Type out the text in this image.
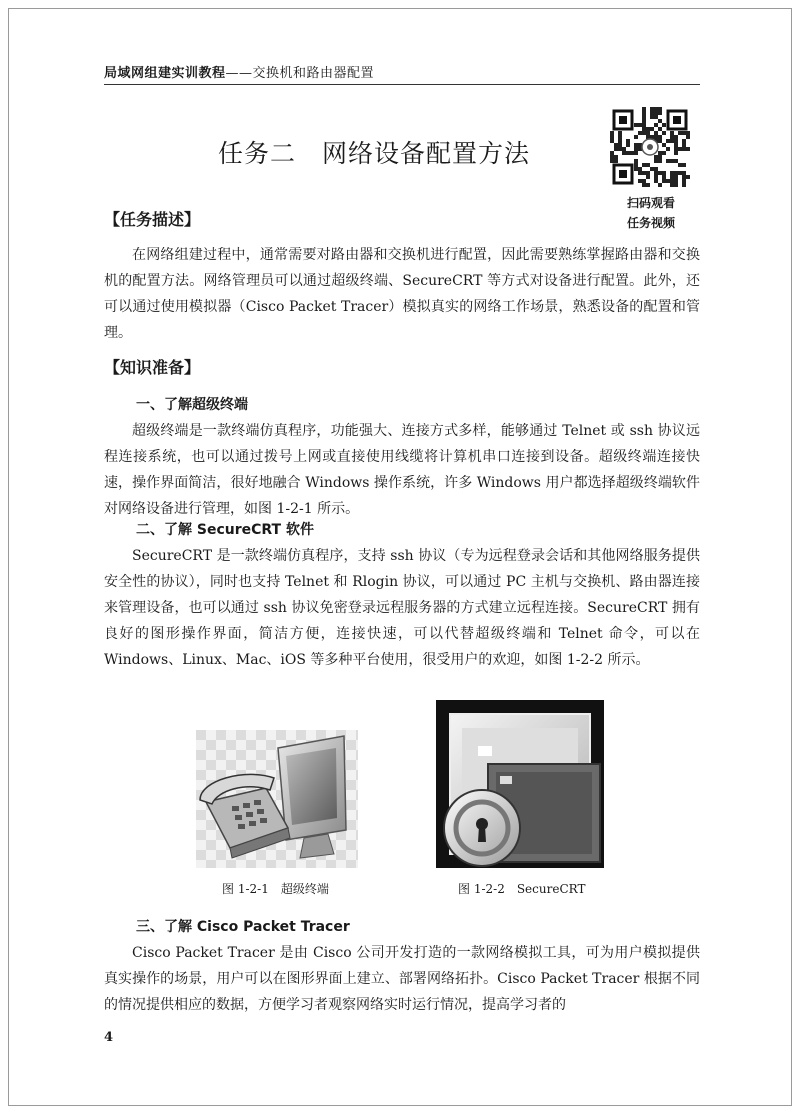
局域网组建实训教程——交换机和路由器配置
任务二　网络设备配置方法
扫码观看
任务视频
【任务描述】

在网络组建过程中，通常需要对路由器和交换机进行配置，因此需要熟练掌握路由器和交换机的配置方法。网络管理员可以通过超级终端、SecureCRT 等方式对设备进行配置。此外，还可以通过使用模拟器（Cisco Packet Tracer）模拟真实的网络工作场景，熟悉设备的配置和管理。

【知识准备】
一、了解超级终端

超级终端是一款终端仿真程序，功能强大、连接方式多样，能够通过 Telnet 或 ssh 协议远程连接系统，也可以通过拨号上网或直接使用线缆将计算机串口连接到设备。超级终端连接快速，操作界面简洁，很好地融合 Windows 操作系统，许多 Windows 用户都选择超级终端软件对网络设备进行管理，如图 1-2-1 所示。

二、了解 SecureCRT 软件

SecureCRT 是一款终端仿真程序，支持 ssh 协议（专为远程登录会话和其他网络服务提供安全性的协议），同时也支持 Telnet 和 Rlogin 协议，可以通过 PC 主机与交换机、路由器连接来管理设备，也可以通过 ssh 协议免密登录远程服务器的方式建立远程连接。SecureCRT 拥有良好的图形操作界面，简洁方便，连接快速，可以代替超级终端和 Telnet 命令，可以在 Windows、Linux、Mac、iOS 等多种平台使用，很受用户的欢迎，如图 1-2-2 所示。

图 1-2-1　超级终端	图 1-2-2　SecureCRT
三、了解 Cisco Packet Tracer

Cisco Packet Tracer 是由 Cisco 公司开发打造的一款网络模拟工具，可为用户模拟提供真实操作的场景，用户可以在图形界面上建立、部署网络拓扑。Cisco Packet Tracer 根据不同的情况提供相应的数据，方便学习者观察网络实时运行情况，提高学习者的

4
